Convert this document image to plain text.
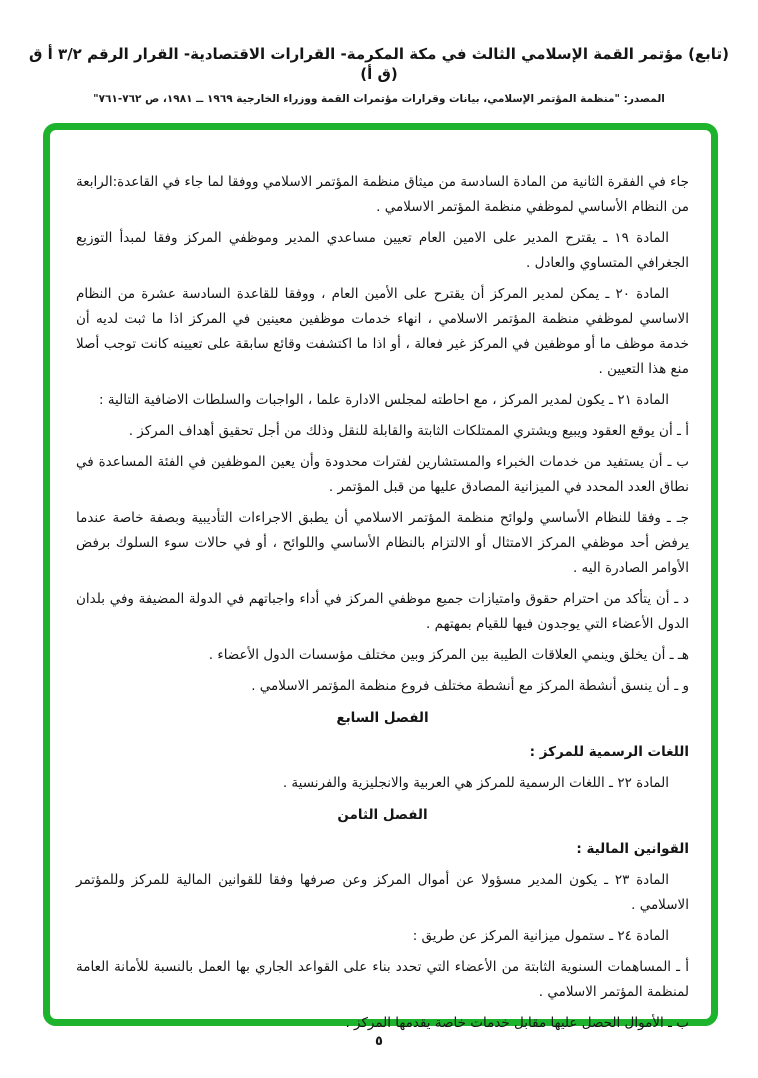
(تابع) مؤتمر القمة الإسلامي الثالث في مكة المكرمة- القرارات الاقتصادية- القرار الرقم ٣/٢ أ ق (ق أ)
المصدر: "منظمة المؤتمر الإسلامي، بيانات وقرارات مؤتمرات القمة ووزراء الخارجية ١٩٦٩ ــ ١٩٨١، ص ٧٦٢-٧٦١"

جاء في الفقرة الثانية من المادة السادسة من ميثاق منظمة المؤتمر الاسلامي ووفقا لما جاء في القاعدة:الرابعة من النظام الأساسي لموظفي منظمة المؤتمر الاسلامي .

المادة ١٩ ـ يقترح المدير على الامين العام تعيين مساعدي المدير وموظفي المركز وفقا لمبدأ التوزيع الجغرافي المتساوي والعادل .

المادة ٢٠ ـ يمكن لمدير المركز أن يقترح على الأمين العام ، ووفقا للقاعدة السادسة عشرة من النظام الاساسي لموظفي منظمة المؤتمر الاسلامي ، انهاء خدمات موظفين معينين في المركز اذا ما ثبت لديه أن خدمة موظف ما أو موظفين في المركز غير فعالة ، أو اذا ما اكتشفت وقائع سابقة على تعيينه كانت توجب أصلا منع هذا التعيين .

المادة ٢١ ـ يكون لمدير المركز ، مع احاطته لمجلس الادارة علما ، الواجبات والسلطات الاضافية التالية :

أ ـ أن يوقع العقود ويبيع ويشتري الممتلكات الثابتة والقابلة للنقل وذلك من أجل تحقيق أهداف المركز .

ب ـ أن يستفيد من خدمات الخبراء والمستشارين لفترات محدودة وأن يعين الموظفين في الفئة المساعدة في نطاق العدد المحدد في الميزانية المصادق عليها من قبل المؤتمر .

جـ ـ وفقا للنظام الأساسي ولوائح منظمة المؤتمر الاسلامي أن يطبق الاجراءات التأديبية وبصفة خاصة عندما يرفض أحد موظفي المركز الامتثال أو الالتزام بالنظام الأساسي واللوائح ، أو في حالات سوء السلوك برفض الأوامر الصادرة اليه .

د ـ أن يتأكد من احترام حقوق وامتيازات جميع موظفي المركز في أداء واجباتهم في الدولة المضيفة وفي بلدان الدول الأعضاء التي يوجدون فيها للقيام بمهتهم .

هـ ـ أن يخلق وينمي العلاقات الطيبة بين المركز وبين مختلف مؤسسات الدول الأعضاء .

و ـ أن ينسق أنشطة المركز مع أنشطة مختلف فروع منظمة المؤتمر الاسلامي .

الفصل السابع

اللغات الرسمية للمركز :

المادة ٢٢ ـ اللغات الرسمية للمركز هي العربية والانجليزية والفرنسية .

الفصل الثامن

القوانين المالية :

المادة ٢٣ ـ يكون المدير مسؤولا عن أموال المركز وعن صرفها وفقا للقوانين المالية للمركز وللمؤتمر الاسلامي .

المادة ٢٤ ـ ستمول ميزانية المركز عن طريق :

أ ـ المساهمات السنوية الثابتة من الأعضاء التي تحدد بناء على القواعد الجاري بها العمل بالنسبة للأمانة العامة لمنظمة المؤتمر الاسلامي .

ب ـ الأموال الحصل عليها مقابل خدمات خاصة يقدمها المركز .

٥
